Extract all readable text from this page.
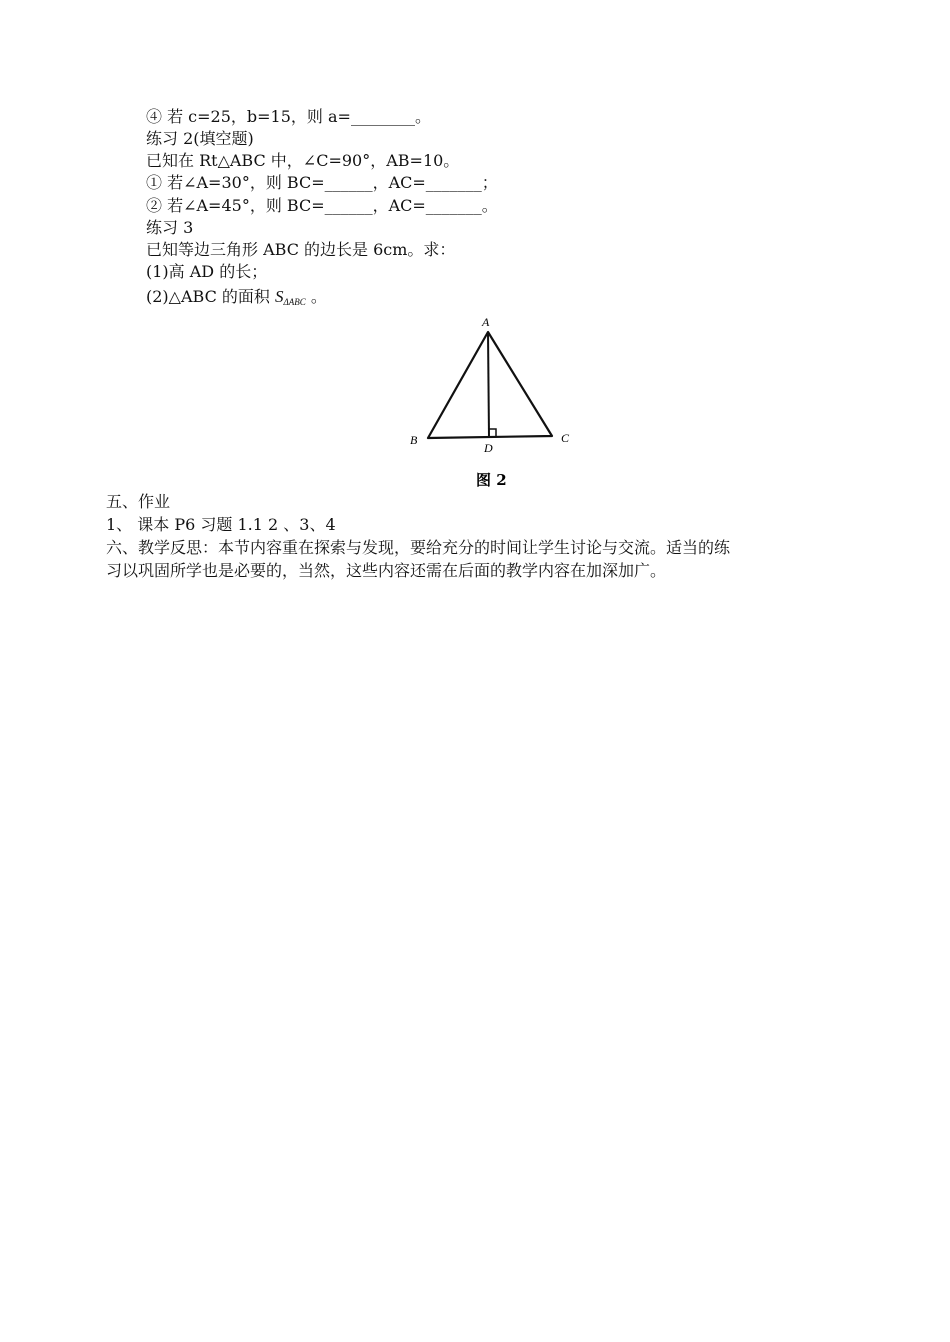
④ 若 c=25，b=15，则 a=________。
练习 2(填空题)
已知在 Rt△ABC 中，∠C=90°，AB=10。
① 若∠A=30°，则 BC=______，AC=_______；
② 若∠A=45°，则 BC=______，AC=_______。
练习 3
已知等边三角形 ABC 的边长是 6cm。求：
(1)高 AD 的长；
(2)△ABC 的面积 SΔABC 。
A
B	C
D
图 2
五、作业
1、 课本 P6 习题 1.1 2 、3、4
六、教学反思：本节内容重在探索与发现，要给充分的时间让学生讨论与交流。适当的练
习以巩固所学也是必要的，当然，这些内容还需在后面的教学内容在加深加广。
